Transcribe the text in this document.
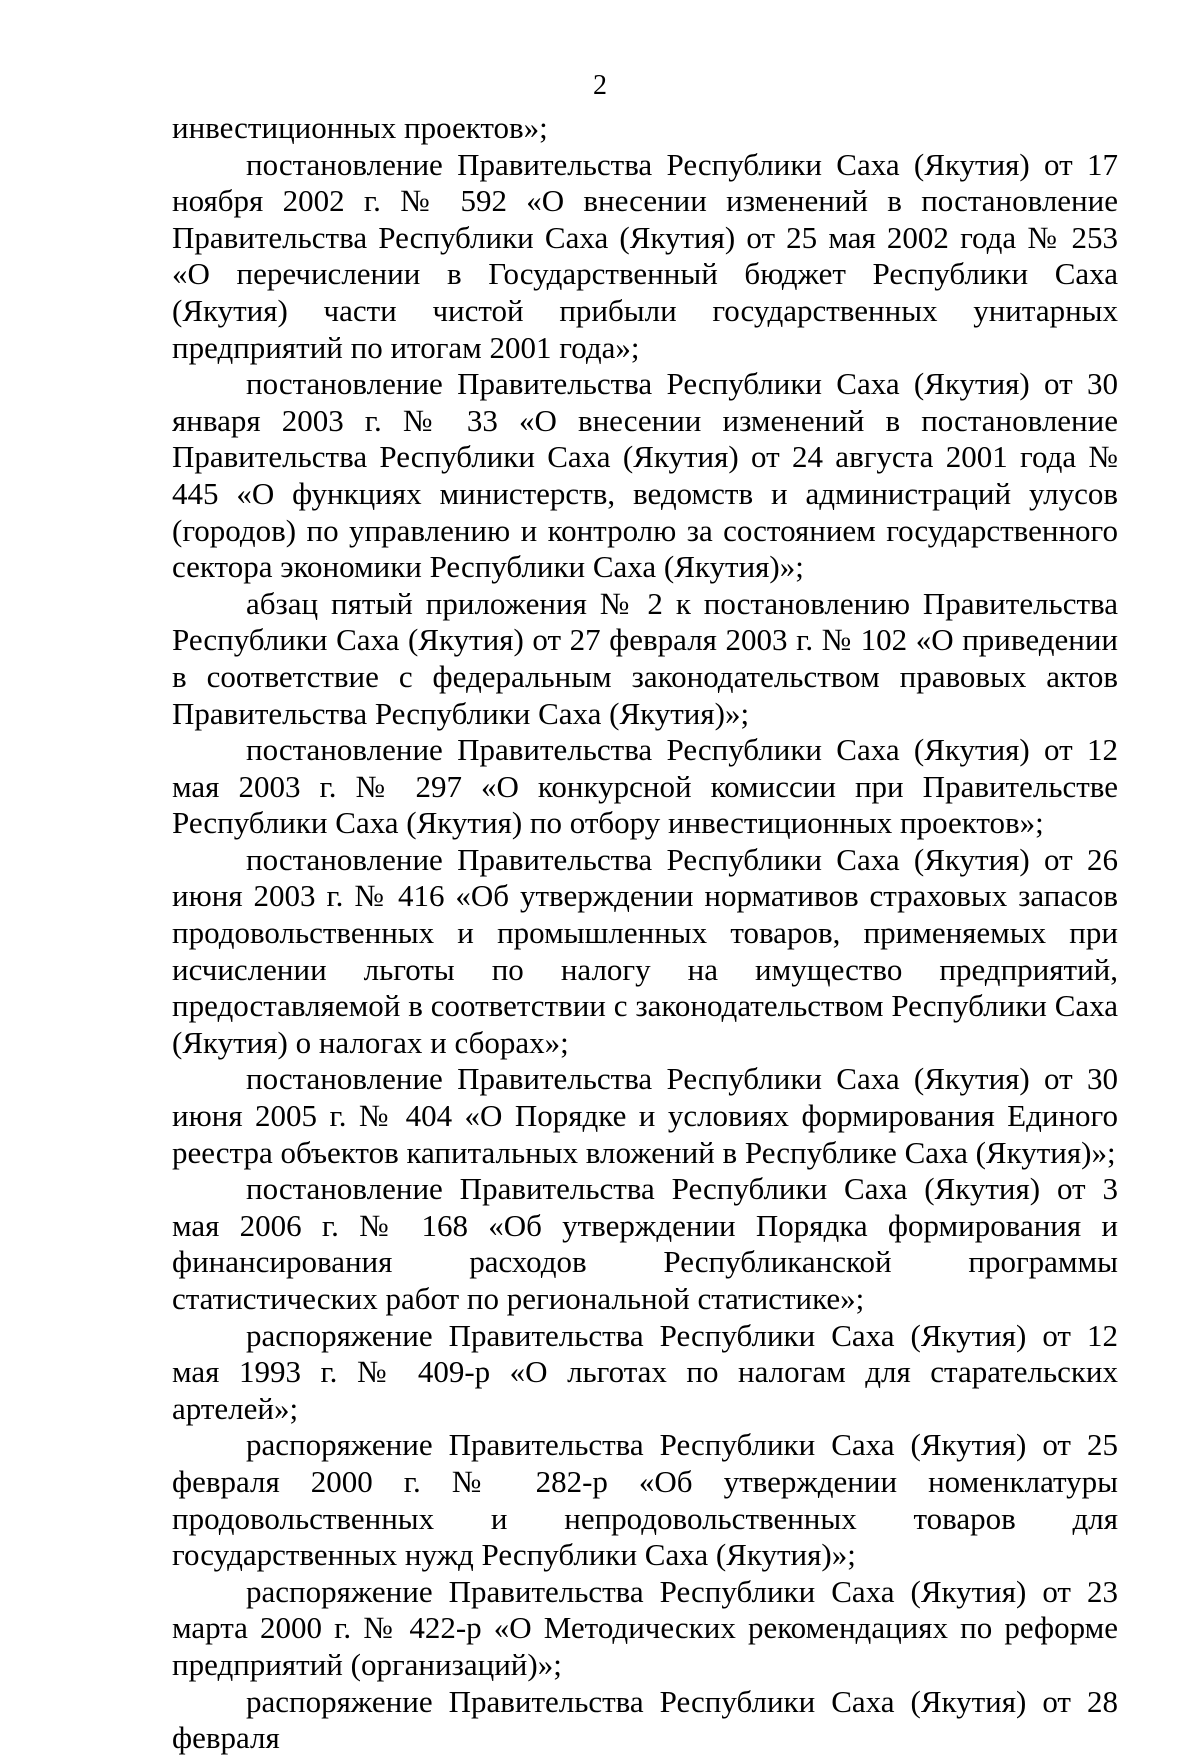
2

инвестиционных проектов»;

постановление Правительства Республики Саха (Якутия) от 17 ноября 2002 г. № 592 «О внесении изменений в постановление Правительства Республики Саха (Якутия) от 25 мая 2002 года № 253 «О перечислении в Государственный бюджет Республики Саха (Якутия) части чистой прибыли государственных унитарных предприятий по итогам 2001 года»;

постановление Правительства Республики Саха (Якутия) от 30 января 2003 г. № 33 «О внесении изменений в постановление Правительства Республики Саха (Якутия) от 24 августа 2001 года № 445 «О функциях министерств, ведомств и администраций улусов (городов) по управлению и контролю за состоянием государственного сектора экономики Республики Саха (Якутия)»;

абзац пятый приложения № 2 к постановлению Правительства Республики Саха (Якутия) от 27 февраля 2003 г. № 102 «О приведении в соответствие с федеральным законодательством правовых актов Правительства Республики Саха (Якутия)»;

постановление Правительства Республики Саха (Якутия) от 12 мая 2003 г. № 297 «О конкурсной комиссии при Правительстве Республики Саха (Якутия) по отбору инвестиционных проектов»;

постановление Правительства Республики Саха (Якутия) от 26 июня 2003 г. № 416 «Об утверждении нормативов страховых запасов продовольственных и промышленных товаров, применяемых при исчислении льготы по налогу на имущество предприятий, предоставляемой в соответствии с законодательством Республики Саха (Якутия) о налогах и сборах»;

постановление Правительства Республики Саха (Якутия) от 30 июня 2005 г. № 404 «О Порядке и условиях формирования Единого реестра объектов капитальных вложений в Республике Саха (Якутия)»;

постановление Правительства Республики Саха (Якутия) от 3 мая 2006 г. № 168 «Об утверждении Порядка формирования и финансирования расходов Республиканской программы статистических работ по региональной статистике»;

распоряжение Правительства Республики Саха (Якутия) от 12 мая 1993 г. № 409-р «О льготах по налогам для старательских артелей»;

распоряжение Правительства Республики Саха (Якутия) от 25 февраля 2000 г. № 282-р «Об утверждении номенклатуры продовольственных и непродовольственных товаров для государственных нужд Республики Саха (Якутия)»;

распоряжение Правительства Республики Саха (Якутия) от 23 марта 2000 г. № 422-р «О Методических рекомендациях по реформе предприятий (организаций)»;

распоряжение Правительства Республики Саха (Якутия) от 28 февраля
